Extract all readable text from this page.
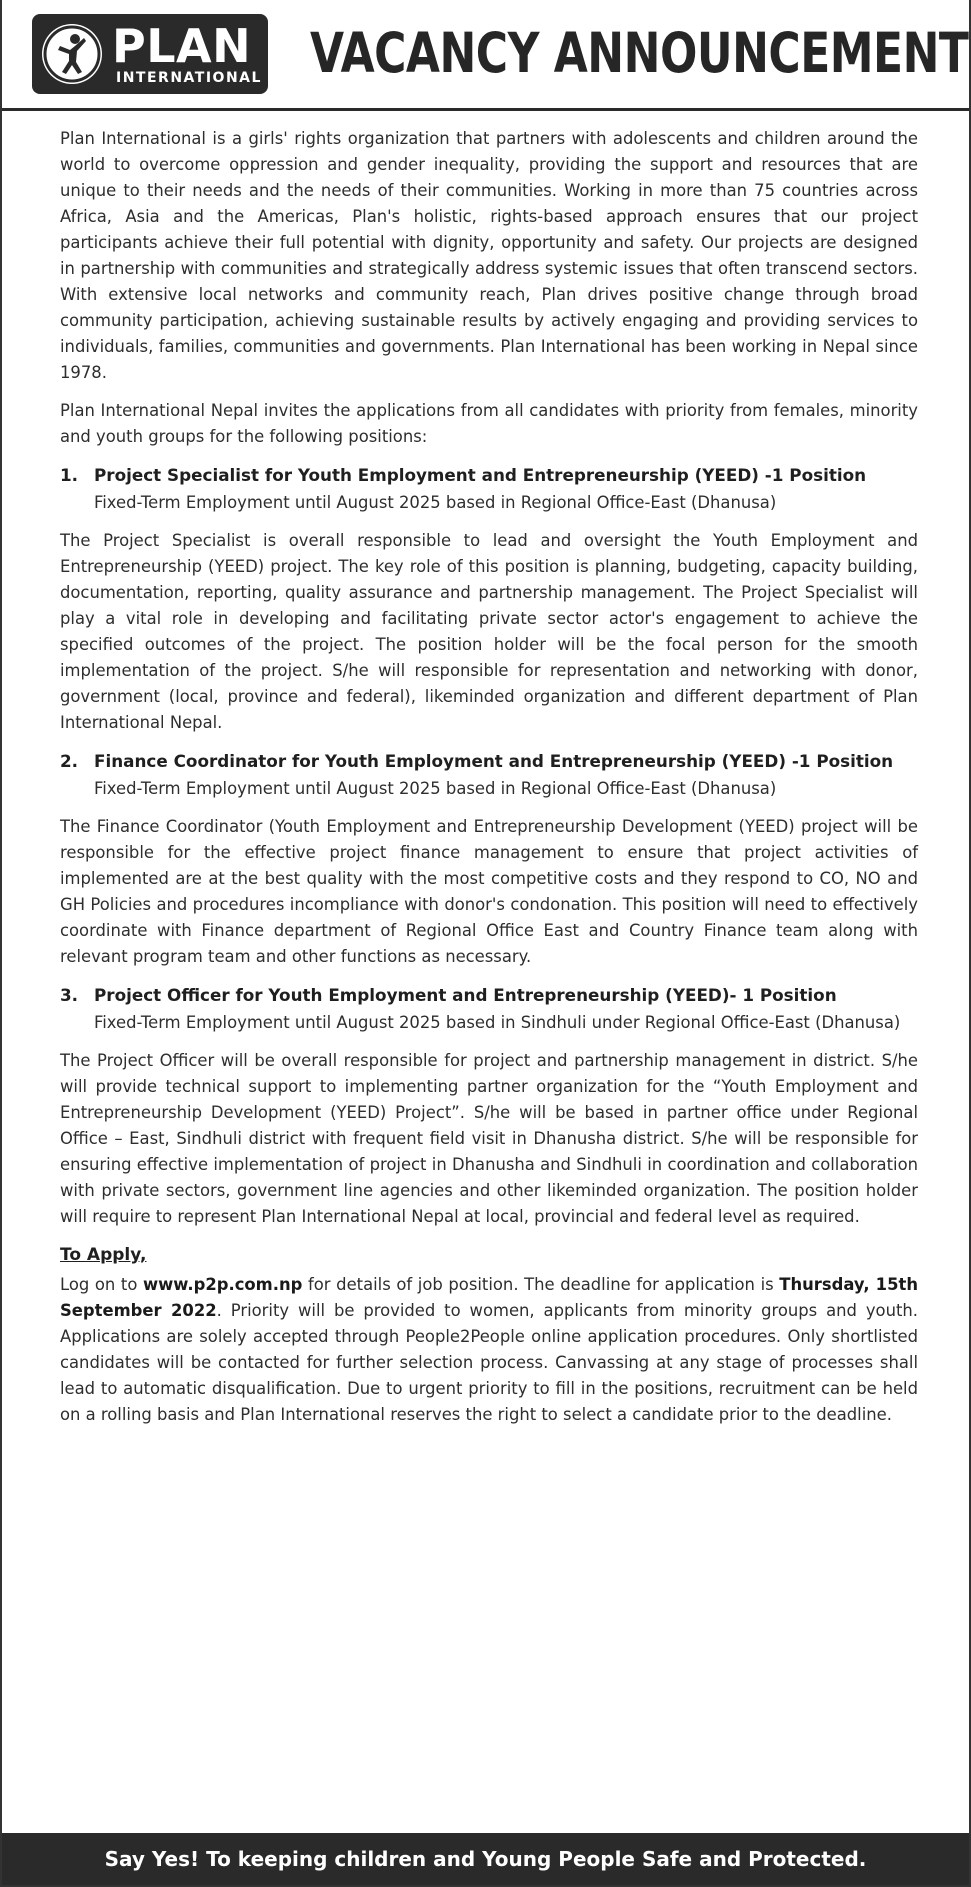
PLAN
INTERNATIONAL VACANCY ANNOUNCEMENT

Plan International is a girls' rights organization that partners with adolescents and children around the world to overcome oppression and gender inequality, providing the support and resources that are unique to their needs and the needs of their communities. Working in more than 75 countries across Africa, Asia and the Americas, Plan's holistic, rights-based approach ensures that our project participants achieve their full potential with dignity, opportunity and safety. Our projects are designed in partnership with communities and strategically address systemic issues that often transcend sectors. With extensive local networks and community reach, Plan drives positive change through broad community participation, achieving sustainable results by actively engaging and providing services to individuals, families, communities and governments. Plan International has been working in Nepal since 1978.

Plan International Nepal invites the applications from all candidates with priority from females, minority and youth groups for the following positions:

1. Project Specialist for Youth Employment and Entrepreneurship (YEED) -1 Position
Fixed-Term Employment until August 2025 based in Regional Office-East (Dhanusa)

The Project Specialist is overall responsible to lead and oversight the Youth Employment and Entrepreneurship (YEED) project. The key role of this position is planning, budgeting, capacity building, documentation, reporting, quality assurance and partnership management. The Project Specialist will play a vital role in developing and facilitating private sector actor's engagement to achieve the specified outcomes of the project. The position holder will be the focal person for the smooth implementation of the project. S/he will responsible for representation and networking with donor, government (local, province and federal), likeminded organization and different department of Plan International Nepal.

2. Finance Coordinator for Youth Employment and Entrepreneurship (YEED) -1 Position
Fixed-Term Employment until August 2025 based in Regional Office-East (Dhanusa)

The Finance Coordinator (Youth Employment and Entrepreneurship Development (YEED) project will be responsible for the effective project finance management to ensure that project activities of implemented are at the best quality with the most competitive costs and they respond to CO, NO and GH Policies and procedures incompliance with donor's condonation. This position will need to effectively coordinate with Finance department of Regional Office East and Country Finance team along with relevant program team and other functions as necessary.

3. Project Officer for Youth Employment and Entrepreneurship (YEED)- 1 Position
Fixed-Term Employment until August 2025 based in Sindhuli under Regional Office-East (Dhanusa)

The Project Officer will be overall responsible for project and partnership management in district. S/he will provide technical support to implementing partner organization for the “Youth Employment and Entrepreneurship Development (YEED) Project”. S/he will be based in partner office under Regional Office – East, Sindhuli district with frequent field visit in Dhanusha district. S/he will be responsible for ensuring effective implementation of project in Dhanusha and Sindhuli in coordination and collaboration with private sectors, government line agencies and other likeminded organization. The position holder will require to represent Plan International Nepal at local, provincial and federal level as required.

To Apply,

Log on to www.p2p.com.np for details of job position. The deadline for application is Thursday, 15th September 2022. Priority will be provided to women, applicants from minority groups and youth. Applications are solely accepted through People2People online application procedures. Only shortlisted candidates will be contacted for further selection process. Canvassing at any stage of processes shall lead to automatic disqualification. Due to urgent priority to fill in the positions, recruitment can be held on a rolling basis and Plan International reserves the right to select a candidate prior to the deadline.

Say Yes! To keeping children and Young People Safe and Protected.
